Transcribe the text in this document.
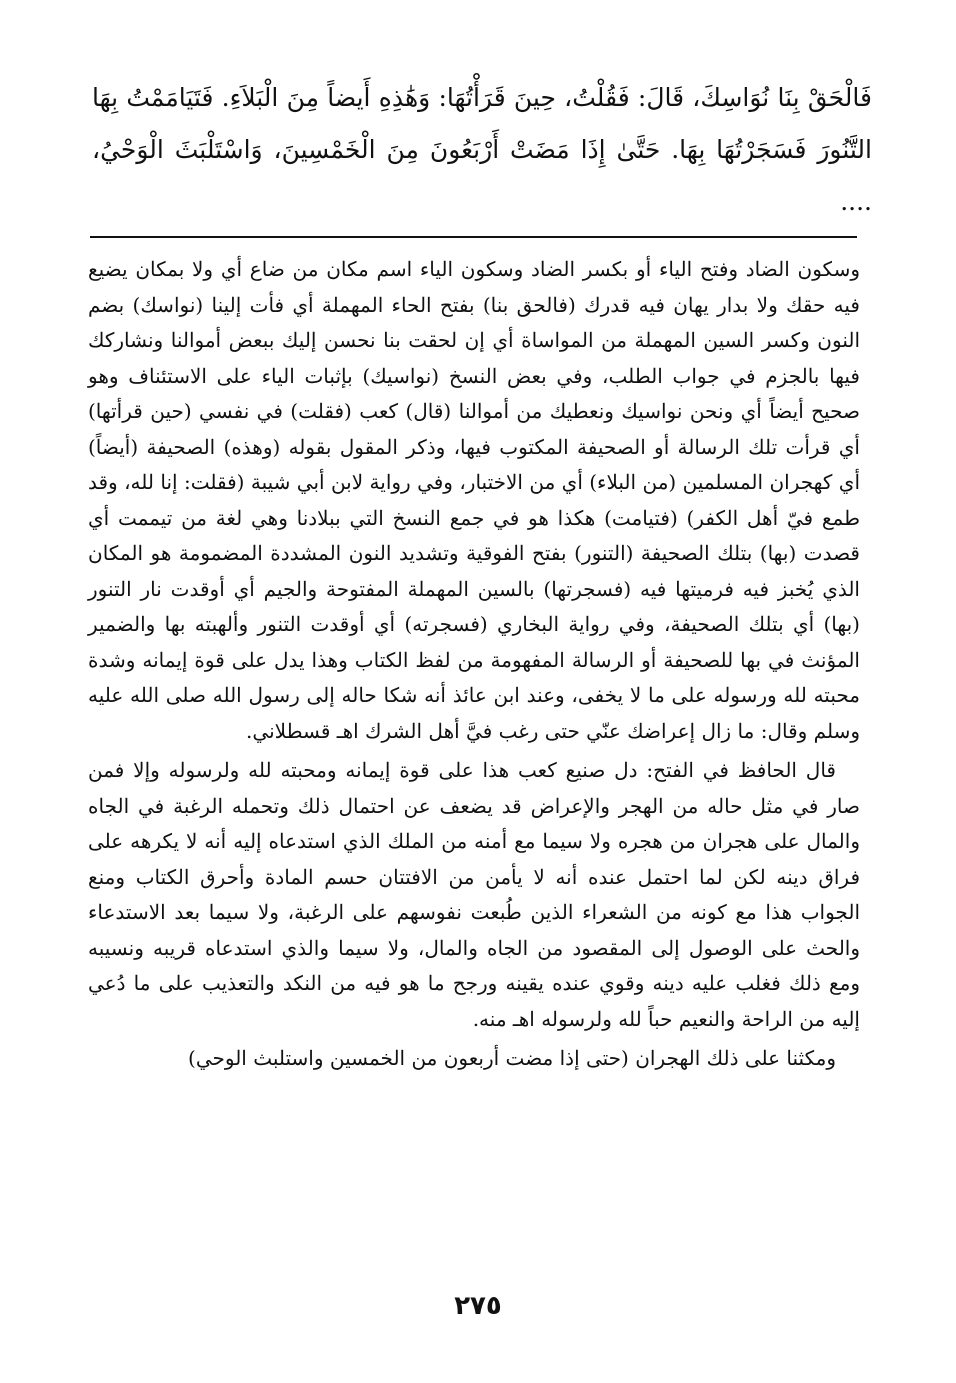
فَالْحَقْ بِنَا نُوَاسِكَ، قَالَ: فَقُلْتُ، حِينَ قَرَأْتُهَا: وَهَٰذِهِ أَيضاً مِنَ الْبَلاَءِ. فَتَيَامَمْتُ بِهَا التَّنُورَ فَسَجَرْتُهَا بِهَا. حَتَّىٰ إِذَا مَضَتْ أَرْبَعُونَ مِنَ الْخَمْسِينَ، وَاسْتَلْبَثَ الْوَحْيُ، ....

وسكون الضاد وفتح الياء أو بكسر الضاد وسكون الياء اسم مكان من ضاع أي ولا بمكان يضيع فيه حقك ولا بدار يهان فيه قدرك (فالحق بنا) بفتح الحاء المهملة أي فأت إلينا (نواسك) بضم النون وكسر السين المهملة من المواساة أي إن لحقت بنا نحسن إليك ببعض أموالنا ونشاركك فيها بالجزم في جواب الطلب، وفي بعض النسخ (نواسيك) بإثبات الياء على الاستئناف وهو صحيح أيضاً أي ونحن نواسيك ونعطيك من أموالنا (قال) كعب (فقلت) في نفسي (حين قرأتها) أي قرأت تلك الرسالة أو الصحيفة المكتوب فيها، وذكر المقول بقوله (وهذه) الصحيفة (أيضاً) أي كهجران المسلمين (من البلاء) أي من الاختبار، وفي رواية لابن أبي شيبة (فقلت: إنا لله، وقد طمع فيّ أهل الكفر) (فتيامت) هكذا هو في جمع النسخ التي ببلادنا وهي لغة من تيممت أي قصدت (بها) بتلك الصحيفة (التنور) بفتح الفوقية وتشديد النون المشددة المضمومة هو المكان الذي يُخبز فيه فرميتها فيه (فسجرتها) بالسين المهملة المفتوحة والجيم أي أوقدت نار التنور (بها) أي بتلك الصحيفة، وفي رواية البخاري (فسجرته) أي أوقدت التنور وألهبته بها والضمير المؤنث في بها للصحيفة أو الرسالة المفهومة من لفظ الكتاب وهذا يدل على قوة إيمانه وشدة محبته لله ورسوله على ما لا يخفى، وعند ابن عائذ أنه شكا حاله إلى رسول الله صلى الله عليه وسلم وقال: ما زال إعراضك عنّي حتى رغب فيَّ أهل الشرك اهـ قسطلاني.

قال الحافظ في الفتح: دل صنيع كعب هذا على قوة إيمانه ومحبته لله ولرسوله وإلا فمن صار في مثل حاله من الهجر والإعراض قد يضعف عن احتمال ذلك وتحمله الرغبة في الجاه والمال على هجران من هجره ولا سيما مع أمنه من الملك الذي استدعاه إليه أنه لا يكرهه على فراق دينه لكن لما احتمل عنده أنه لا يأمن من الافتتان حسم المادة وأحرق الكتاب ومنع الجواب هذا مع كونه من الشعراء الذين طُبعت نفوسهم على الرغبة، ولا سيما بعد الاستدعاء والحث على الوصول إلى المقصود من الجاه والمال، ولا سيما والذي استدعاه قريبه ونسيبه ومع ذلك فغلب عليه دينه وقوي عنده يقينه ورجح ما هو فيه من النكد والتعذيب على ما دُعي إليه من الراحة والنعيم حباً لله ولرسوله اهـ منه.

ومكثنا على ذلك الهجران (حتى إذا مضت أربعون من الخمسين واستلبث الوحي)

٢٧٥
